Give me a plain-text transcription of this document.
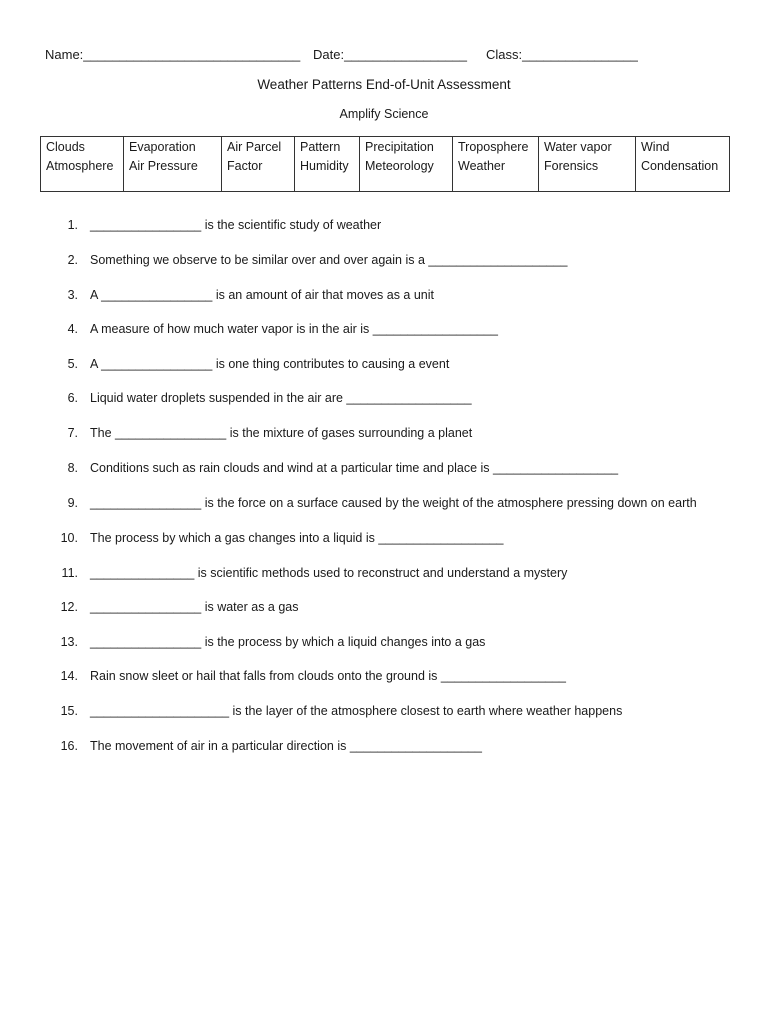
Name:______________________________ Date:_________________ Class:________________
Weather Patterns End-of-Unit Assessment
Amplify Science
Clouds	Evaporation	Air Parcel	Pattern	Precipitation	Troposphere	Water vapor	Wind
Atmosphere	Air Pressure	Factor	Humidity	Meteorology	Weather	Forensics	Condensation
1. ________________ is the scientific study of weather
2. Something we observe to be similar over and over again is a ____________________
3. A ________________ is an amount of air that moves as a unit
4. A measure of how much water vapor is in the air is __________________
5. A ________________ is one thing contributes to causing a event
6. Liquid water droplets suspended in the air are __________________
7. The ________________ is the mixture of gases surrounding a planet
8. Conditions such as rain clouds and wind at a particular time and place is __________________
9. ________________ is the force on a surface caused by the weight of the atmosphere pressing down on earth
10. The process by which a gas changes into a liquid is __________________
11. _______________ is scientific methods used to reconstruct and understand a mystery
12. ________________ is water as a gas
13. ________________ is the process by which a liquid changes into a gas
14. Rain snow sleet or hail that falls from clouds onto the ground is __________________
15. ____________________ is the layer of the atmosphere closest to earth where weather happens
16. The movement of air in a particular direction is ___________________
